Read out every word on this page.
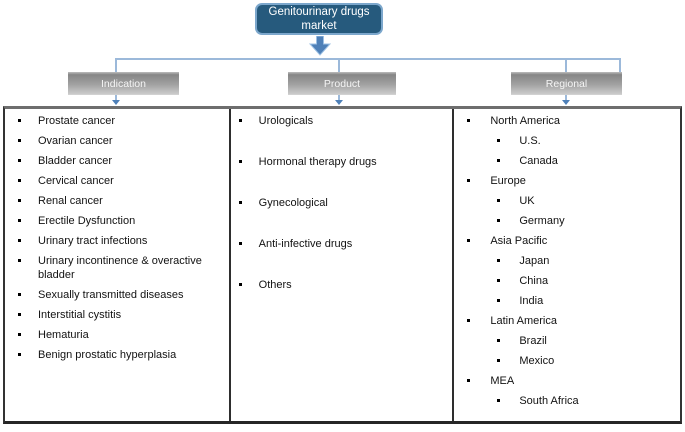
Genitourinary drugs market
Indication	Product	Regional
Prostate cancer
Ovarian cancer
Bladder cancer
Cervical cancer
Renal cancer
Erectile Dysfunction
Urinary tract infections
Urinary incontinence & overactive bladder
Sexually transmitted diseases
Interstitial cystitis
Hematuria
Benign prostatic hyperplasia
Urologicals
Hormonal therapy drugs
Gynecological
Anti-infective drugs
Others
North America
U.S.
Canada
Europe
UK
Germany
Asia Pacific
Japan
China
India
Latin America
Brazil
Mexico
MEA
South Africa
